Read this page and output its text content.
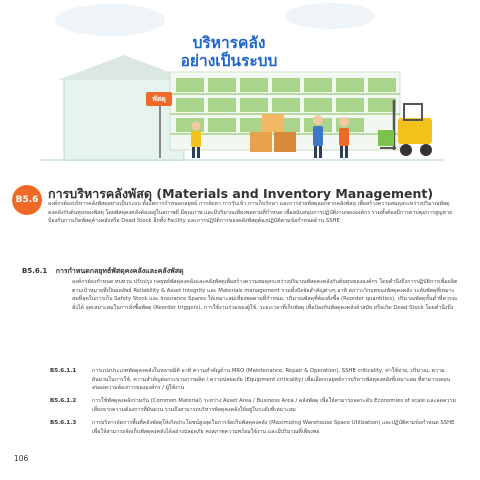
พัสดุ
บริหารคลัง
อย่างเป็นระบบ
B5.6 การบริหารคลังพัสดุ (Materials and Inventory Management)
องค์กรต้องบริหารคลังพัสดุอย่างเป็นระบบ ตั้งแต่การกำหนดกลยุทธ์ การจัดหา การรับเข้า การเก็บรักษา และการจ่ายพัสดุออกจากคลังพัสดุ เพื่อสร้างความสมดุลระหว่างปริมาณพัสดุคงคลังกับต้นทุนของพัสดุ โดยพัสดุคงคลังต้องอยู่ในสภาพดี มีคุณภาพ และมีปริมาณเพียงพอตามที่กำหนด เพื่อสนับสนุนการปฏิบัติงานขององค์กร รวมทั้งต้องมีการควบคุมการสูญหาย ป้องกันการเกิดพัสดุค้างคลังหรือ Dead Stock อีกทั้ง Facility และการปฏิบัติการของคลังพัสดุต้องปฏิบัติตามข้อกำหนดด้าน SSHE
B5.6.1 การกำหนดกลยุทธ์พัสดุคงคลังและคลังพัสดุ
องค์กรต้องกำหนด ทบทวน ปรับปรุง กลยุทธ์พัสดุคงคลังและคลังพัสดุเพื่อสร้างความสมดุลระหว่างปริมาณพัสดุคงคลังกับต้นทุนขององค์กร โดยคำนึงถึงการปฏิบัติการเพื่อผลิตตามเป้าหมายที่เป็นผลลัพธ์ Reliability & Asset Integrity และ Materials management รวมทั้งปัจจัยสำคัญต่างๆ อาทิ สภาวะวิกฤตของพัสดุคงคลัง ระดับพัสดุที่เหมาะสมที่สุดในการเก็บ Safety Stock และ Insurance Spares ให้เหมาะสมเพียงพอตามที่กำหนด, ปริมาณพัสดุที่ต้องสั่งซื้อ (Reorder quantities), ปริมาณพัสดุขั้นต่ำที่ควรจะสั่งได้ จุดเหมาะสมในการสั่งซื้อพัสดุ (Reorder triggers), การใช้งานร่วมของผู้ใช้, ระยะเวลาที่เก็บพัสดุ เพื่อป้องกันพัสดุคงคลังล้าสมัย หรือเกิด Dead Stock โดยคำนึงถึง
B5.6.1.1	การแบ่งประเภทพัสดุคงคลังในหลายมิติ อาทิ ความสำคัญด้าน MRO (Maintenance, Repair & Operation), SSHE criticality, ค่าใช้จ่าย, ปริมาณ, ความผันผวนในการใช้, ความสำคัญต่อกระบวนการผลิต / ความปลอดภัย (Equipment criticality) เพื่อเลือกกลยุทธ์การบริหารพัสดุคงคลังที่เหมาะสม ที่สามารถตอบสนองความต้องการขององค์กร / ผู้ใช้งาน
B5.6.1.2	การใช้พัสดุคงคลังร่วมกัน (Common Material) ระหว่าง Asset Area / Business Area / คลังพัสดุ เพื่อให้สามารถลดระดับ Economies of scale และลดความเสี่ยงจากความต้องการที่ผันผวน รวมถึงสามารถบริหารพัสดุคงคลังให้อยู่ในระดับที่เหมาะสม
B5.6.1.3	การบริหารจัดการพื้นที่คลังพัสดุให้เกิดประโยชน์สูงสุดในการจัดเก็บพัสดุคงคลัง (Maximizing Warehouse Space Utilization) และปฏิบัติตามข้อกำหนด SSHE เพื่อให้สามารถจัดเก็บพัสดุคงคลังได้อย่างปลอดภัย คงสภาพความพร้อมใช้งาน และมีปริมาณที่เพียงพอ
106
